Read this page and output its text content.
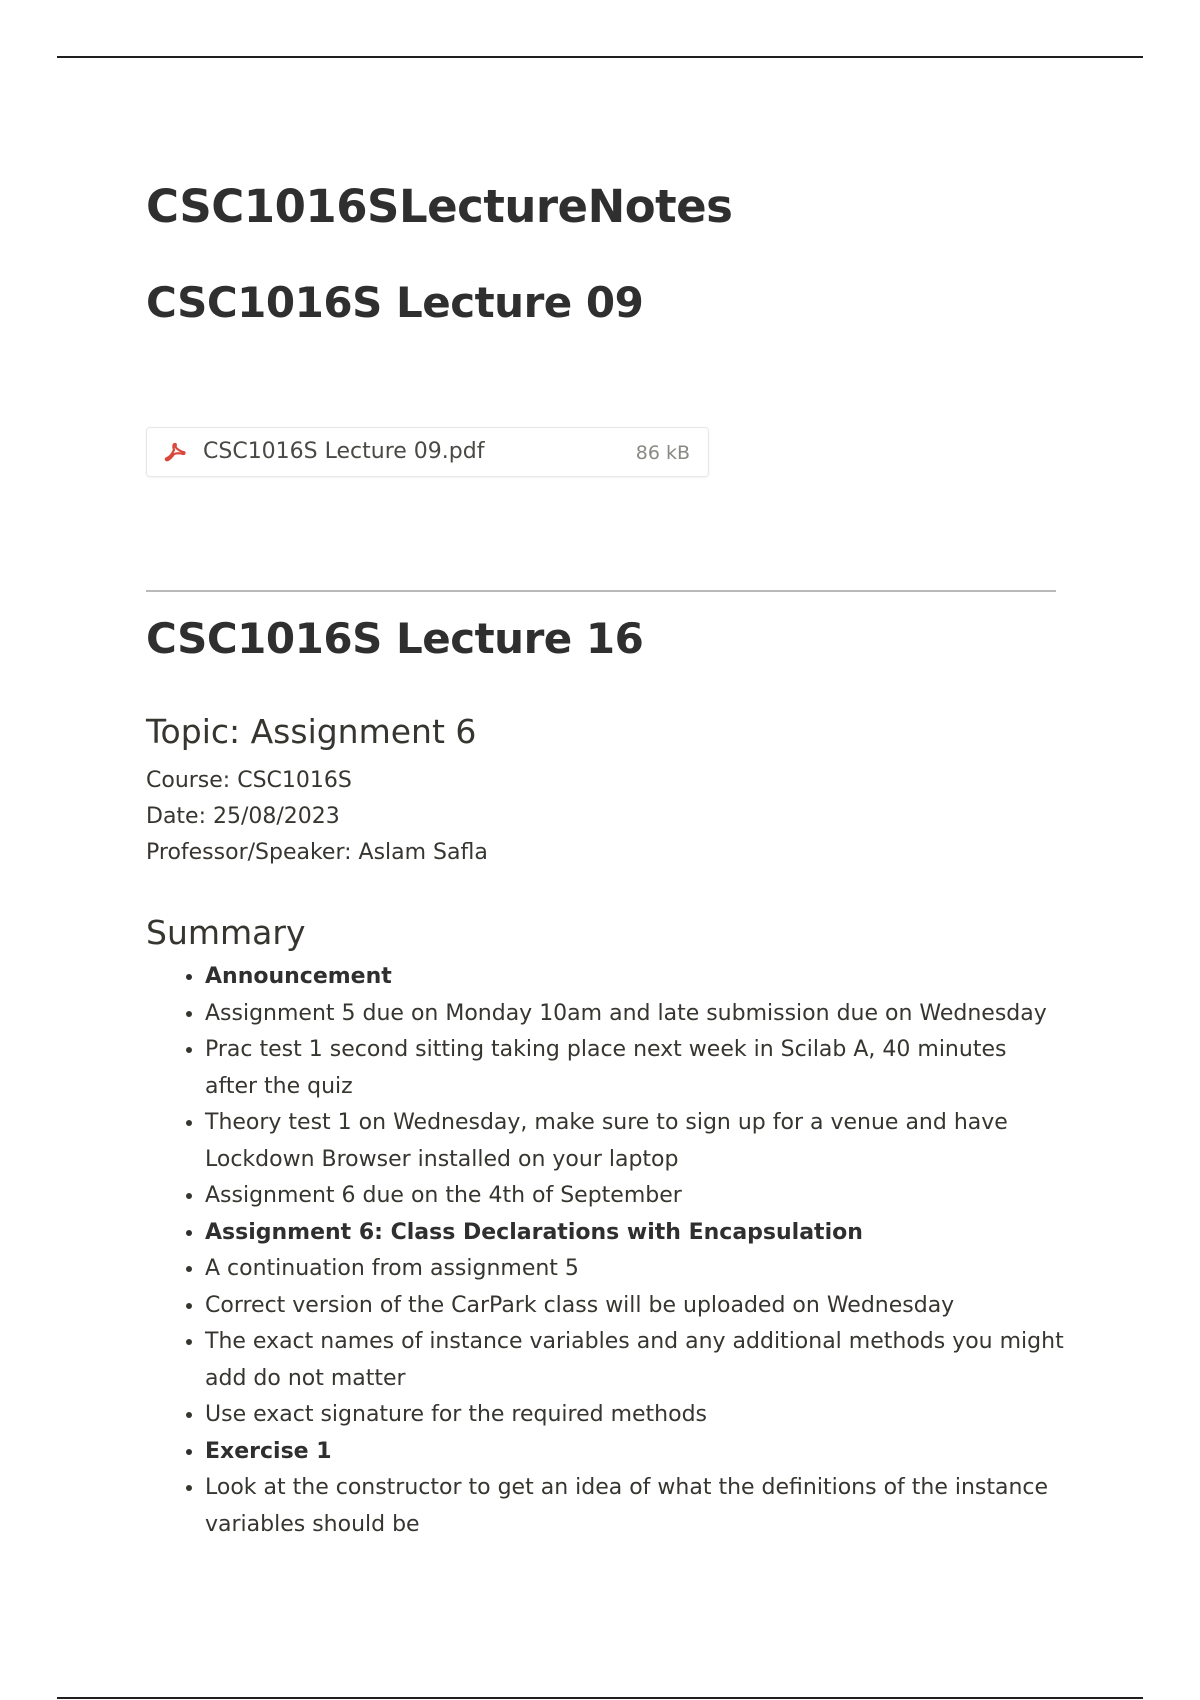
CSC1016SLectureNotes
CSC1016S Lecture 09
CSC1016S Lecture 09.pdf	86 kB
CSC1016S Lecture 16
Topic: Assignment 6
Course: CSC1016S
Date: 25/08/2023
Professor/Speaker: Aslam Safla
Summary
• Announcement
• Assignment 5 due on Monday 10am and late submission due on Wednesday
• Prac test 1 second sitting taking place next week in Scilab A, 40 minutes after the quiz
• Theory test 1 on Wednesday, make sure to sign up for a venue and have Lockdown Browser installed on your laptop
• Assignment 6 due on the 4th of September
• Assignment 6: Class Declarations with Encapsulation
• A continuation from assignment 5
• Correct version of the CarPark class will be uploaded on Wednesday
• The exact names of instance variables and any additional methods you might add do not matter
• Use exact signature for the required methods
• Exercise 1
• Look at the constructor to get an idea of what the definitions of the instance variables should be
